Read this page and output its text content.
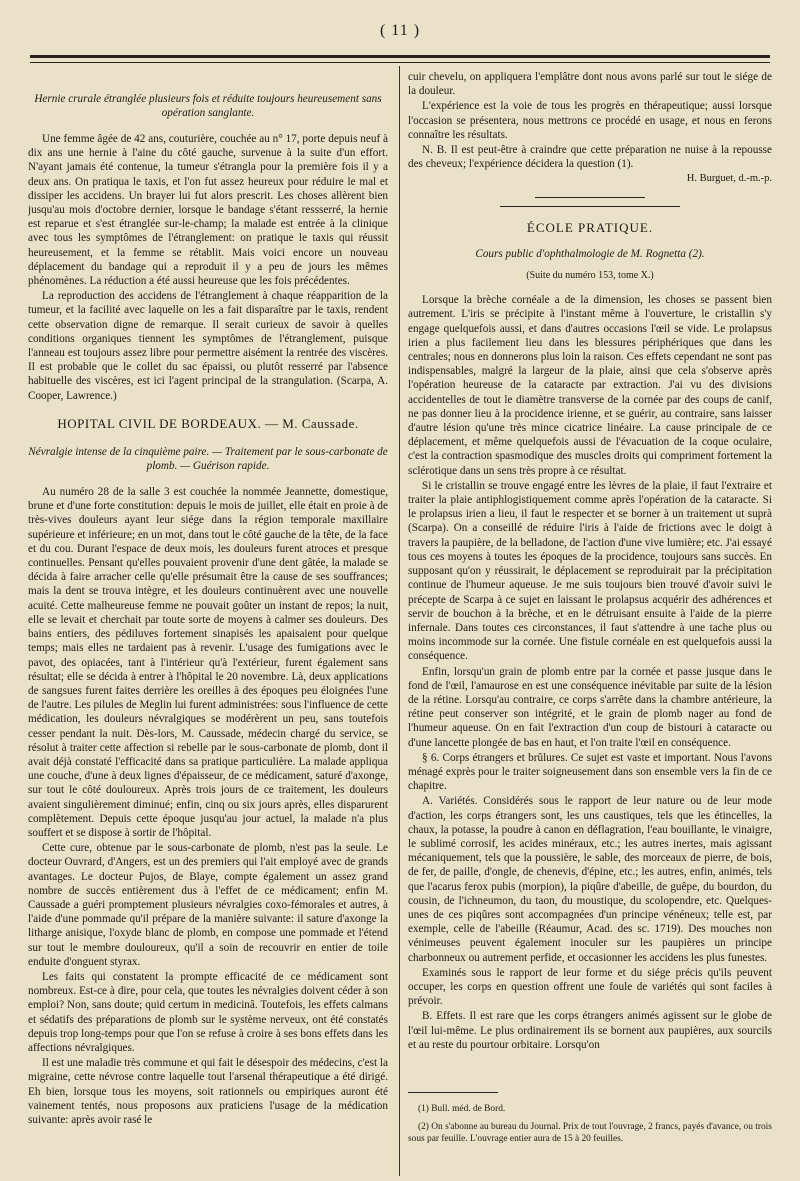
( 11 )
Hernie crurale étranglée plusieurs fois et réduite toujours heureusement sans opération sanglante.

Une femme âgée de 42 ans, couturière, couchée au n° 17, porte depuis neuf à dix ans une hernie à l'aine du côté gauche, survenue à la suite d'un effort. N'ayant jamais été contenue, la tumeur s'étrangla pour la première fois il y a deux ans. On pratiqua le taxis, et l'on fut assez heureux pour réduire le mal et dissiper les accidens. Un brayer lui fut alors prescrit. Les choses allèrent bien jusqu'au mois d'octobre dernier, lorsque le bandage s'étant ressserré, la hernie est reparue et s'est étranglée sur-le-champ; la malade est entrée à la clinique avec tous les symptômes de l'étranglement: on pratique le taxis qui réussit heureusement, et la femme se rétablit. Mais voici encore un nouveau déplacement du bandage qui a reproduit il y a peu de jours les mêmes phénomènes. La réduction a été aussi heureuse que les fois précédentes.

La reproduction des accidens de l'étranglement à chaque réapparition de la tumeur, et la facilité avec laquelle on les a fait disparaître par le taxis, rendent cette observation digne de remarque. Il serait curieux de savoir à quelles conditions organiques tiennent les symptômes de l'étranglement, puisque l'anneau est toujours assez libre pour permettre aisément la rentrée des viscères. Il est probable que le collet du sac épaissi, ou plutôt resserré par l'absence habituelle des viscères, est ici l'agent principal de la strangulation. (Scarpa, A. Cooper, Lawrence.)

HOPITAL CIVIL DE BORDEAUX. — M. Caussade.
Névralgie intense de la cinquième paire. — Traitement par le sous-carbonate de plomb. — Guérison rapide.

Au numéro 28 de la salle 3 est couchée la nommée Jeannette, domestique, brune et d'une forte constitution: depuis le mois de juillet, elle était en proie à de très-vives douleurs ayant leur siége dans la région temporale maxillaire supérieure et inférieure; en un mot, dans tout le côté gauche de la tête, de la face et du cou. Durant l'espace de deux mois, les douleurs furent atroces et presque continuelles. Pensant qu'elles pouvaient provenir d'une dent gâtée, la malade se décida à faire arracher celle qu'elle présumait être la cause de ses souffrances; mais la dent se trouva intègre, et les douleurs continuèrent avec une nouvelle acuité. Cette malheureuse femme ne pouvait goûter un instant de repos; la nuit, elle se levait et cherchait par toute sorte de moyens à calmer ses douleurs. Des bains entiers, des pédiluves fortement sinapisés les apaisaient pour quelque temps; mais elles ne tardaient pas à revenir. L'usage des fumigations avec le pavot, des opiacées, tant à l'intérieur qu'à l'extérieur, furent également sans résultat; elle se décida à entrer à l'hôpital le 20 novembre. Là, deux applications de sangsues furent faites derrière les oreilles à des époques peu éloignées l'une de l'autre. Les pilules de Meglin lui furent administrées: sous l'influence de cette médication, les douleurs névralgiques se modérèrent un peu, sans toutefois cesser pendant la nuit. Dès-lors, M. Caussade, médecin chargé du service, se résolut à traiter cette affection si rebelle par le sous-carbonate de plomb, dont il avait déjà constaté l'efficacité dans sa pratique particulière. La malade appliqua une couche, d'une à deux lignes d'épaisseur, de ce médicament, saturé d'axonge, sur tout le côté douloureux. Après trois jours de ce traitement, les douleurs avaient singulièrement diminué; enfin, cinq ou six jours après, elles disparurent complètement. Depuis cette époque jusqu'au jour actuel, la malade n'a plus souffert et se dispose à sortir de l'hôpital.

Cette cure, obtenue par le sous-carbonate de plomb, n'est pas la seule. Le docteur Ouvrard, d'Angers, est un des premiers qui l'ait employé avec de grands avantages. Le docteur Pujos, de Blaye, compte également un assez grand nombre de succès entièrement dus à l'effet de ce médicament; enfin M. Caussade a guéri promptement plusieurs névralgies coxo-fémorales et autres, à l'aide d'une pommade qu'il prépare de la manière suivante: il sature d'axonge la litharge anisique, l'oxyde blanc de plomb, en compose une pommade et l'étend sur tout le membre douloureux, qu'il a soin de recouvrir en entier de toile enduite d'onguent styrax.

Les faits qui constatent la prompte efficacité de ce médicament sont nombreux. Est-ce à dire, pour cela, que toutes les névralgies doivent céder à son emploi? Non, sans doute; quid certum in medicinâ. Toutefois, les effets calmans et sédatifs des préparations de plomb sur le système nerveux, ont été constatés depuis trop long-temps pour que l'on se refuse à croire à ses bons effets dans les affections névralgiques.

Il est une maladie très commune et qui fait le désespoir des médecins, c'est la migraine, cette névrose contre laquelle tout l'arsenal thérapeutique a été dirigé. Eh bien, lorsque tous les moyens, soit rationnels ou empiriques auront été vainement tentés, nous proposons aux praticiens l'usage de la médication suivante: après avoir rasé le

cuir chevelu, on appliquera l'emplâtre dont nous avons parlé sur tout le siége de la douleur.

L'expérience est la voie de tous les progrès en thérapeutique; aussi lorsque l'occasion se présentera, nous mettrons ce procédé en usage, et nous en ferons connaître les résultats.

N. B. Il est peut-être à craindre que cette préparation ne nuise à la repousse des cheveux; l'expérience décidera la question (1).

H. Burguet, d.-m.-p.
ÉCOLE PRATIQUE.
Cours public d'ophthalmologie de M. Rognetta (2).
(Suite du numéro 153, tome X.)

Lorsque la brèche cornéale a de la dimension, les choses se passent bien autrement. L'iris se précipite à l'instant même à l'ouverture, le cristallin s'y engage quelquefois aussi, et dans d'autres occasions l'œil se vide. Le prolapsus irien a plus facilement lieu dans les blessures périphériques que dans les centrales; nous en donnerons plus loin la raison. Ces effets cependant ne sont pas indispensables, malgré la largeur de la plaie, ainsi que cela s'observe après l'opération heureuse de la cataracte par extraction. J'ai vu des divisions accidentelles de tout le diamètre transverse de la cornée par des coups de canif, ne pas donner lieu à la procidence irienne, et se guérir, au contraire, sans laisser d'autre lésion qu'une très mince cicatrice linéaire. La cause principale de ce déplacement, et même quelquefois aussi de l'évacuation de la coque oculaire, c'est la contraction spasmodique des muscles droits qui compriment fortement la sclérotique dans un sens très propre à ce résultat.

Si le cristallin se trouve engagé entre les lèvres de la plaie, il faut l'extraire et traiter la plaie antiphlogistiquement comme après l'opération de la cataracte. Si le prolapsus irien a lieu, il faut le respecter et se borner à un traitement ut suprà (Scarpa). On a conseillé de réduire l'iris à l'aide de frictions avec le doigt à travers la paupière, de la belladone, de l'action d'une vive lumière; etc. J'ai essayé tous ces moyens à toutes les époques de la procidence, toujours sans succès. En supposant qu'on y réussirait, le déplacement se reproduirait par la précipitation continue de l'humeur aqueuse. Je me suis toujours bien trouvé d'avoir suivi le précepte de Scarpa à ce sujet en laissant le prolapsus acquérir des adhérences et servir de bouchon à la brèche, et en le détruisant ensuite à l'aide de la pierre infernale. Dans toutes ces circonstances, il faut s'attendre à une tache plus ou moins incommode sur la cornée. Une fistule cornéale en est quelquefois aussi la conséquence.

Enfin, lorsqu'un grain de plomb entre par la cornée et passe jusque dans le fond de l'œil, l'amaurose en est une conséquence inévitable par suite de la lésion de la rétine. Lorsqu'au contraire, ce corps s'arrête dans la chambre antérieure, la rétine peut conserver son intégrité, et le grain de plomb nager au fond de l'humeur aqueuse. On en fait l'extraction d'un coup de bistouri à cataracte ou d'une lancette plongée de bas en haut, et l'on traite l'œil en conséquence.

§ 6. Corps étrangers et brûlures. Ce sujet est vaste et important. Nous l'avons ménagé exprès pour le traiter soigneusement dans son ensemble vers la fin de ce chapitre.

A. Variétés. Considérés sous le rapport de leur nature ou de leur mode d'action, les corps étrangers sont, les uns caustiques, tels que les étincelles, la chaux, la potasse, la poudre à canon en déflagration, l'eau bouillante, le vinaigre, le sublimé corrosif, les acides minéraux, etc.; les autres inertes, mais agissant mécaniquement, tels que la poussière, le sable, des morceaux de pierre, de bois, de fer, de paille, d'ongle, de chenevis, d'épine, etc.; les autres, enfin, animés, tels que l'acarus ferox pubis (morpion), la piqûre d'abeille, de guêpe, du bourdon, du cousin, de l'ichneumon, du taon, du moustique, du scolopendre, etc. Quelques-unes de ces piqûres sont accompagnées d'un principe vénéneux; telle est, par exemple, celle de l'abeille (Réaumur, Acad. des sc. 1719). Des mouches non vénimeuses peuvent également inoculer sur les paupières un principe charbonneux ou autrement perfide, et occasionner les accidens les plus funestes.

Examinés sous le rapport de leur forme et du siége précis qu'ils peuvent occuper, les corps en question offrent une foule de variétés qui sont faciles à prévoir.

B. Effets. Il est rare que les corps étrangers animés agissent sur le globe de l'œil lui-même. Le plus ordinairement ils se bornent aux paupières, aux sourcils et au reste du pourtour orbitaire. Lorsqu'on

(1) Bull. méd. de Bord.

(2) On s'abonne au bureau du Journal. Prix de tout l'ouvrage, 2 francs, payés d'avance, ou trois sous par feuille. L'ouvrage entier aura de 15 à 20 feuilles.
